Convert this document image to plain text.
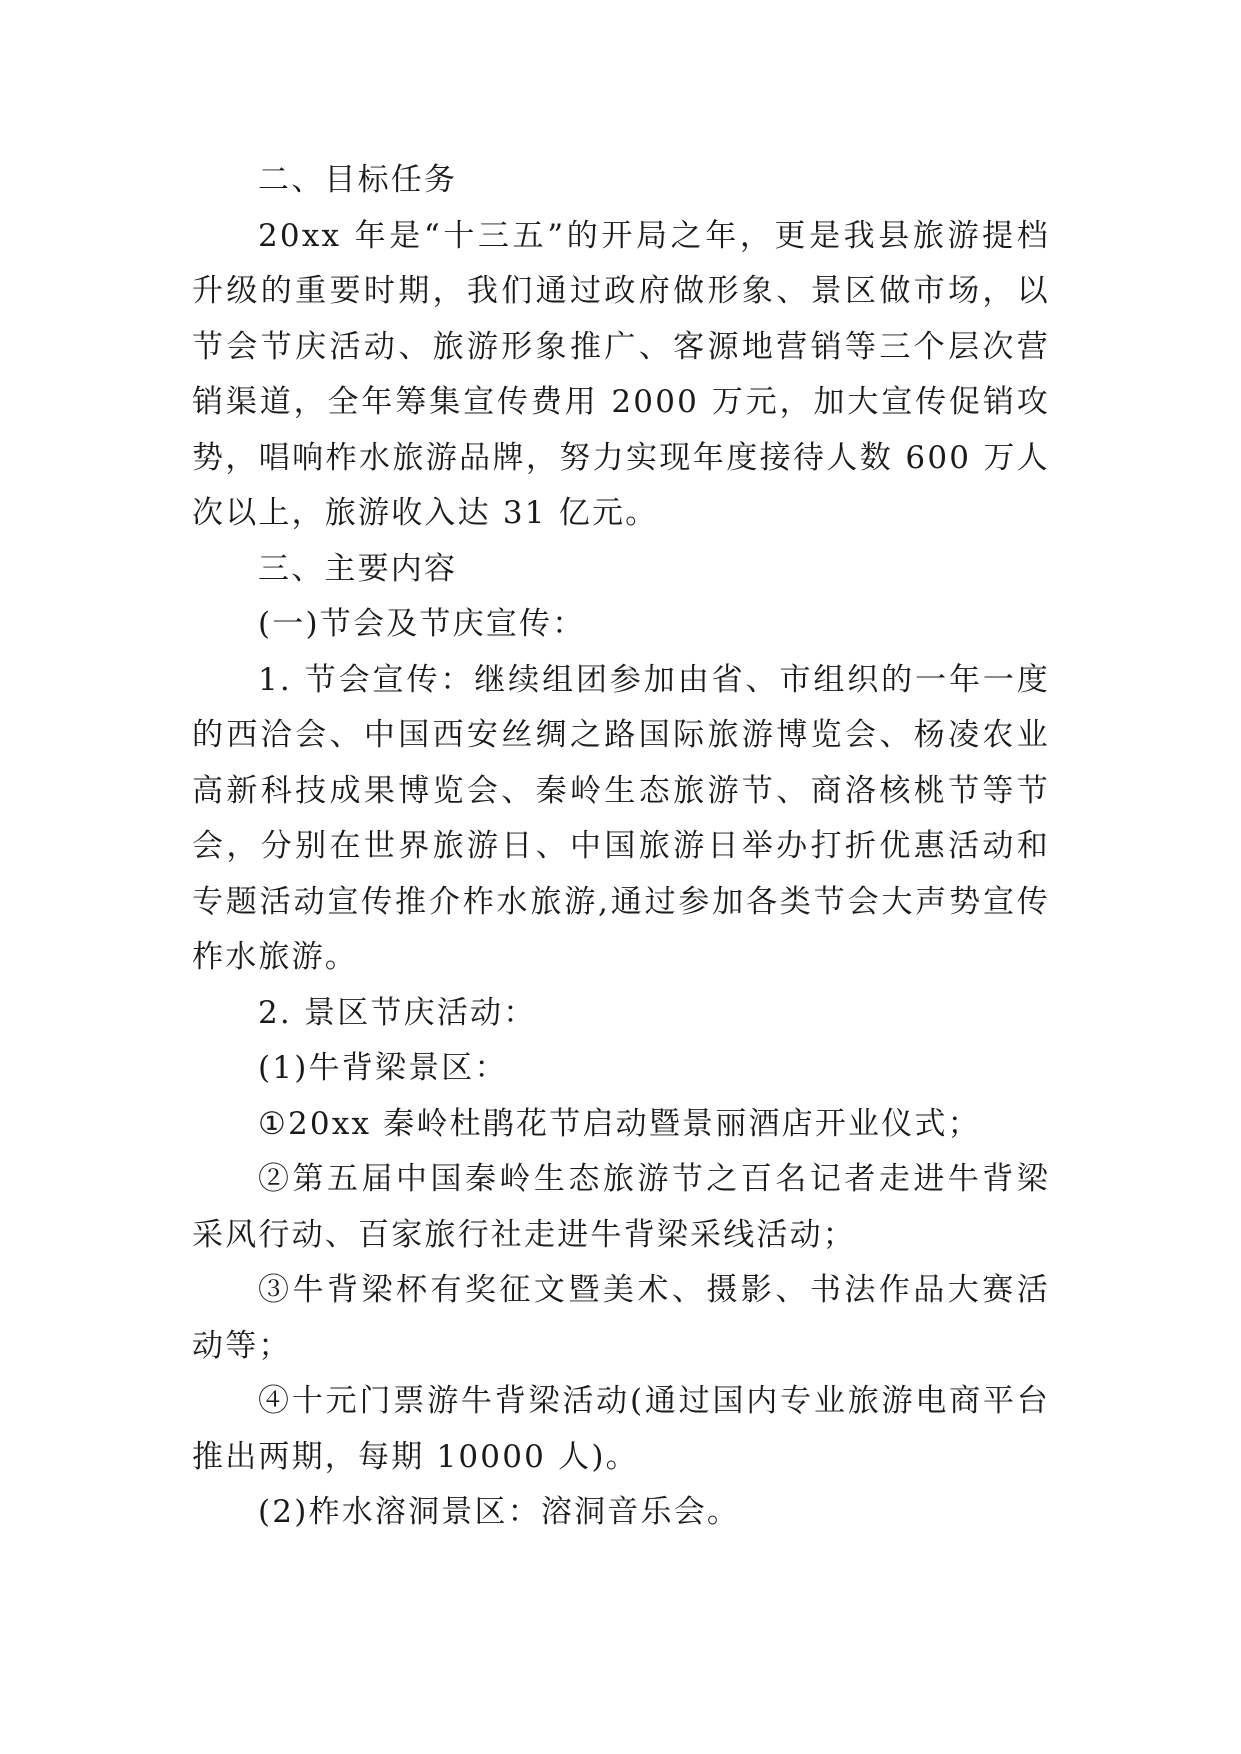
二、目标任务

20xx 年是“十三五”的开局之年，更是我县旅游提档升级的重要时期，我们通过政府做形象、景区做市场，以节会节庆活动、旅游形象推广、客源地营销等三个层次营销渠道，全年筹集宣传费用 2000 万元，加大宣传促销攻势，唱响柞水旅游品牌，努力实现年度接待人数 600 万人次以上，旅游收入达 31 亿元。

三、主要内容

(一)节会及节庆宣传：

1. 节会宣传：继续组团参加由省、市组织的一年一度的西洽会、中国西安丝绸之路国际旅游博览会、杨凌农业高新科技成果博览会、秦岭生态旅游节、商洛核桃节等节会，分别在世界旅游日、中国旅游日举办打折优惠活动和专题活动宣传推介柞水旅游,通过参加各类节会大声势宣传柞水旅游。

2. 景区节庆活动：

(1)牛背梁景区：

①20xx 秦岭杜鹃花节启动暨景丽酒店开业仪式；

②第五届中国秦岭生态旅游节之百名记者走进牛背梁采风行动、百家旅行社走进牛背梁采线活动；

③牛背梁杯有奖征文暨美术、摄影、书法作品大赛活动等；

④十元门票游牛背梁活动(通过国内专业旅游电商平台推出两期，每期 10000 人)。

(2)柞水溶洞景区：溶洞音乐会。
